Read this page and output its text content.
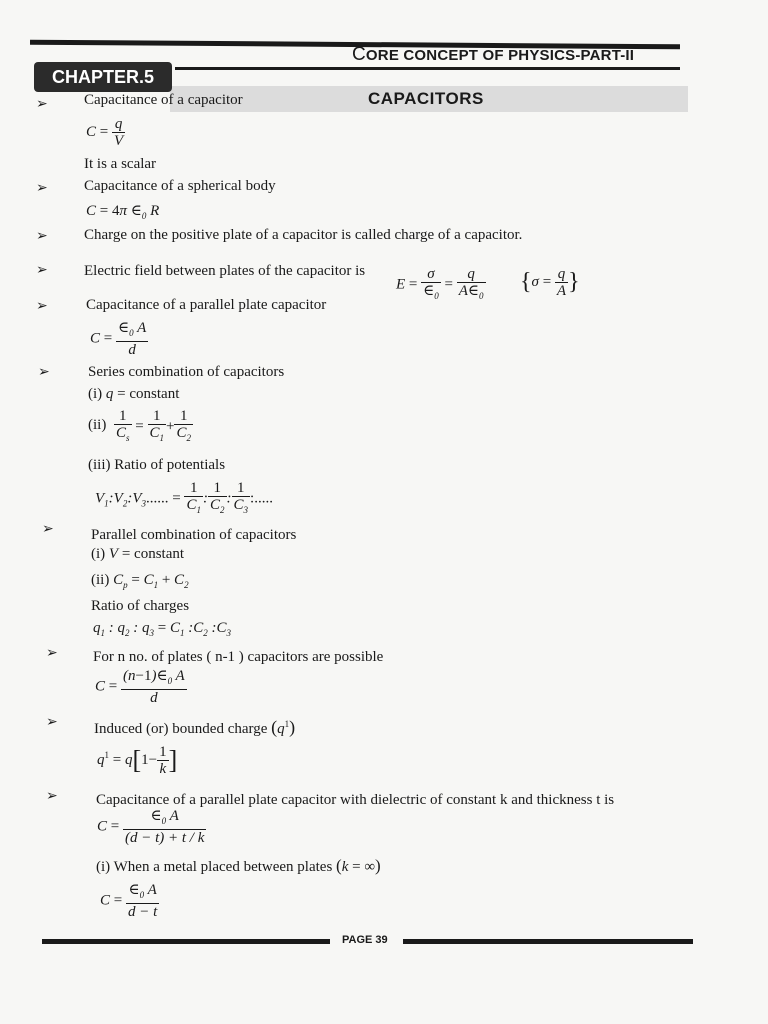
CORE CONCEPT OF PHYSICS-PART-II
CHAPTER.5
CAPACITORS
➢ Capacitance of a capacitor
$C = \frac{q}{V}$
It is a scalar
➢ Capacitance of a spherical body
C = 4π $\in_0$ R
➢ Charge on the positive plate of a capacitor is called charge of a capacitor.
➢ Electric field between plates of the capacitor is
$E = \frac{\sigma}{\in_0} = \frac{q}{A\in_0} \{\sigma = \frac{q}{A}$ }
➢	Capacitance of a parallel plate capacitor
$C = \frac{\in_0 A}{d}$
➢	Series combination of capacitors
(i) q = constant
$(ii) \frac{1}{C_s} = \frac{1}{C_1} + \frac{1}{C_2}$
(iii) Ratio of potentials
$V_1:V_2:V_3$...... = $\frac{1}{C_1}$ : $\frac{1}{C_2}$ : $\frac{1}{C_3}$ :.....
➢ Parallel combination of capacitors
(i) V = constant
(ii) $C_p = C_1 + C_2$
Ratio of charges
$q_1$ : $q_2$ : $q_3 = C_1$ $:C_2$ $:C_3$
➢ For n no. of plates ( n-1 ) capacitors are possible
$C = \frac{(n-1)\in_0 A}{d}$
➢ Induced (or) bounded charge $(q^1)$
$q^1 = q[1- \frac{1}{k}$ ]
➢	Capacitance of a parallel plate capacitor with dielectric of constant k and thickness t is
$C = \frac{\in_0 A}{(d - t) + t / k}$
(i) When a metal placed between plates (k = ∞)
$C = \frac{\in_0 A}{d - t}$
PAGE 39
